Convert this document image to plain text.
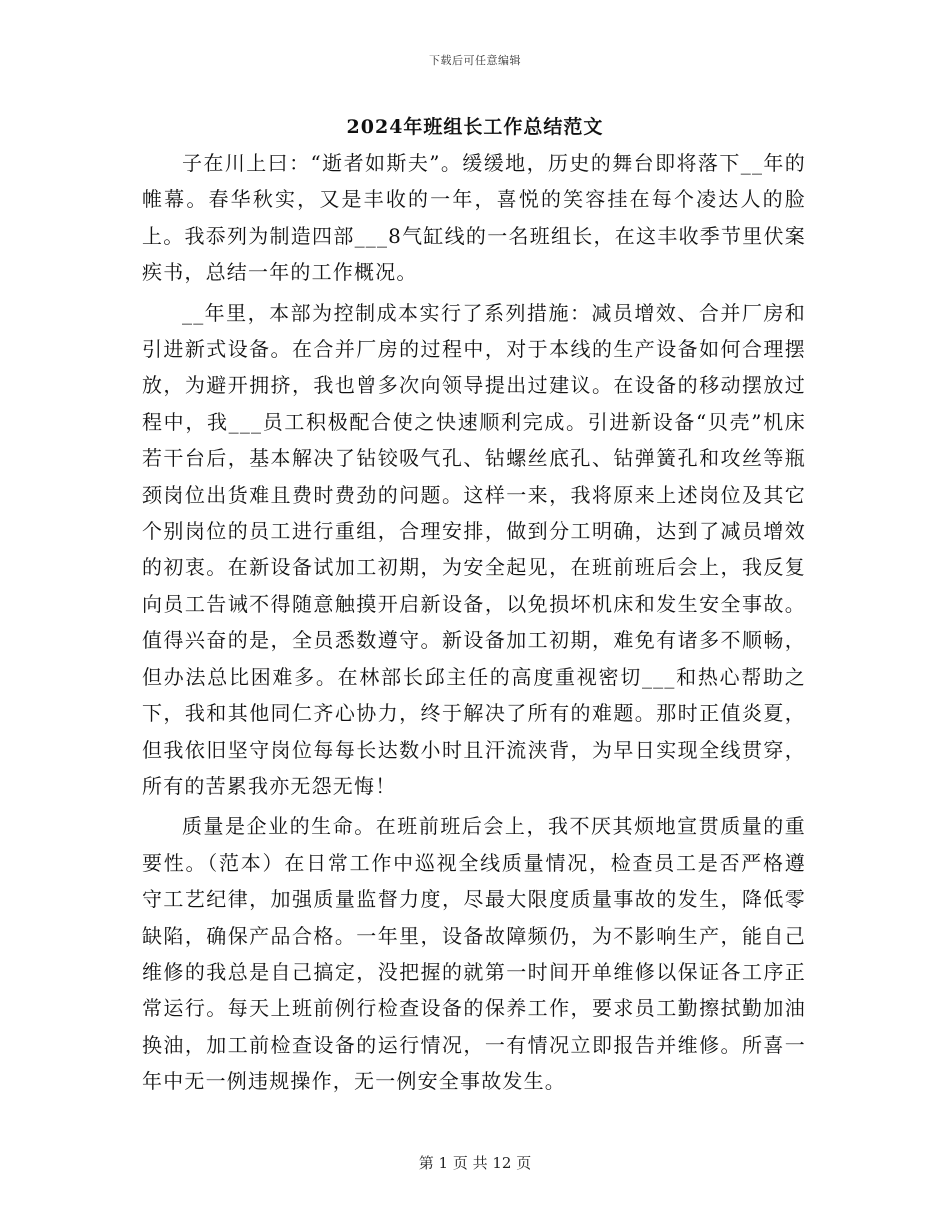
下载后可任意编辑
2024年班组长工作总结范文

子在川上曰：“逝者如斯夫”。缓缓地，历史的舞台即将落下__年的帷幕。春华秋实，又是丰收的一年，喜悦的笑容挂在每个凌达人的脸上。我忝列为制造四部___8气缸线的一名班组长，在这丰收季节里伏案疾书，总结一年的工作概况。

__年里，本部为控制成本实行了系列措施：减员增效、合并厂房和引进新式设备。在合并厂房的过程中，对于本线的生产设备如何合理摆放，为避开拥挤，我也曾多次向领导提出过建议。在设备的移动摆放过程中，我___员工积极配合使之快速顺利完成。引进新设备“贝壳”机床若干台后，基本解决了钻铰吸气孔、钻螺丝底孔、钻弹簧孔和攻丝等瓶颈岗位出货难且费时费劲的问题。这样一来，我将原来上述岗位及其它个别岗位的员工进行重组，合理安排，做到分工明确，达到了减员增效的初衷。在新设备试加工初期，为安全起见，在班前班后会上，我反复向员工告诫不得随意触摸开启新设备，以免损坏机床和发生安全事故。值得兴奋的是，全员悉数遵守。新设备加工初期，难免有诸多不顺畅，但办法总比困难多。在林部长邱主任的高度重视密切___和热心帮助之下，我和其他同仁齐心协力，终于解决了所有的难题。那时正值炎夏，但我依旧坚守岗位每每长达数小时且汗流浃背，为早日实现全线贯穿，所有的苦累我亦无怨无悔！

质量是企业的生命。在班前班后会上，我不厌其烦地宣贯质量的重要性。（范本）在日常工作中巡视全线质量情况，检查员工是否严格遵守工艺纪律，加强质量监督力度，尽最大限度质量事故的发生，降低零缺陷，确保产品合格。一年里，设备故障频仍，为不影响生产，能自己维修的我总是自己搞定，没把握的就第一时间开单维修以保证各工序正常运行。每天上班前例行检查设备的保养工作，要求员工勤擦拭勤加油换油，加工前检查设备的运行情况，一有情况立即报告并维修。所喜一年中无一例违规操作，无一例安全事故发生。

第 1 页 共 12 页
